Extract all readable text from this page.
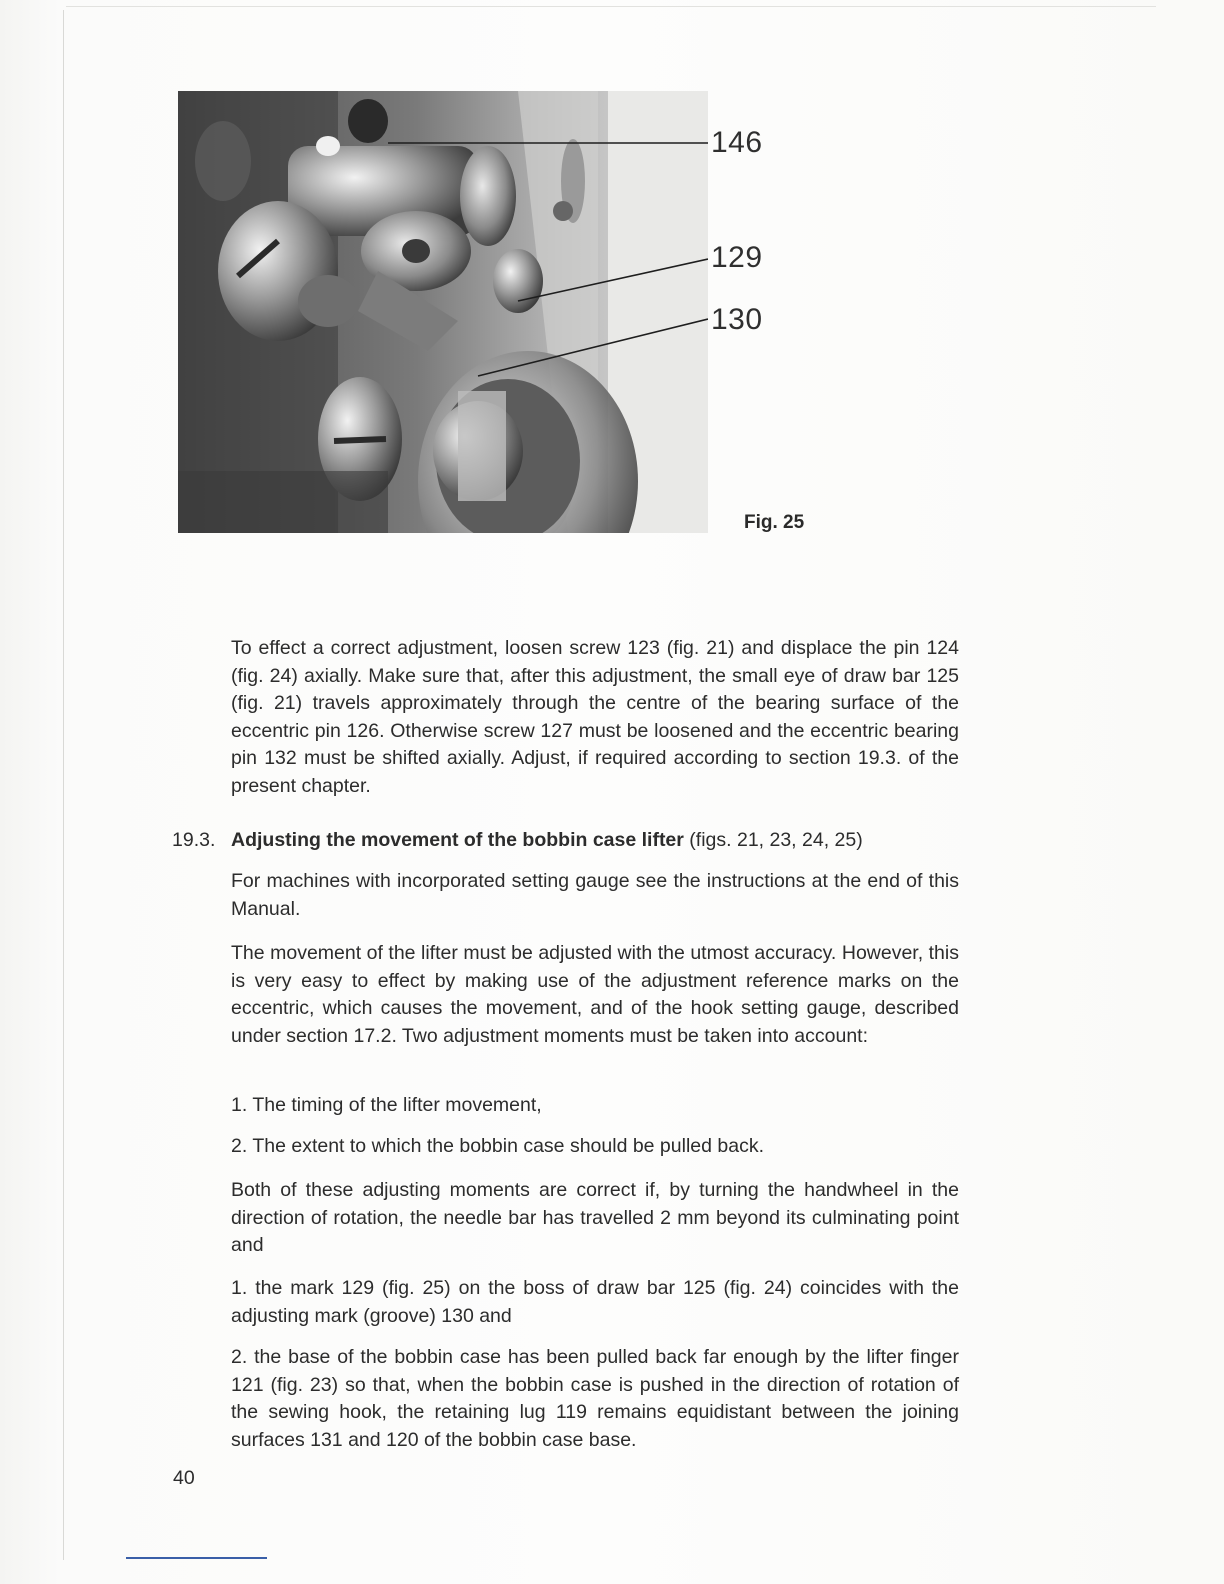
146
129
130
Fig. 25

To effect a correct adjustment, loosen screw 123 (fig. 21) and displace the pin 124 (fig. 24) axially. Make sure that, after this adjustment, the small eye of draw bar 125 (fig. 21) travels approximately through the centre of the bearing surface of the eccentric pin 126. Otherwise screw 127 must be loosened and the eccentric bearing pin 132 must be shifted axially. Adjust, if required according to section 19.3. of the present chapter.

19.3. Adjusting the movement of the bobbin case lifter (figs. 21, 23, 24, 25)

For machines with incorporated setting gauge see the instructions at the end of this Manual.

The movement of the lifter must be adjusted with the utmost accuracy. However, this is very easy to effect by making use of the adjustment reference marks on the eccentric, which causes the movement, and of the hook setting gauge, described under section 17.2. Two adjustment moments must be taken into account:

1. The timing of the lifter movement,

2. The extent to which the bobbin case should be pulled back.

Both of these adjusting moments are correct if, by turning the handwheel in the direction of rotation, the needle bar has travelled 2 mm beyond its culminating point and

1. the mark 129 (fig. 25) on the boss of draw bar 125 (fig. 24) coincides with the adjusting mark (groove) 130 and

2. the base of the bobbin case has been pulled back far enough by the lifter finger 121 (fig. 23) so that, when the bobbin case is pushed in the direction of rotation of the sewing hook, the retaining lug 119 remains equidistant between the joining surfaces 131 and 120 of the bobbin case base.

40
